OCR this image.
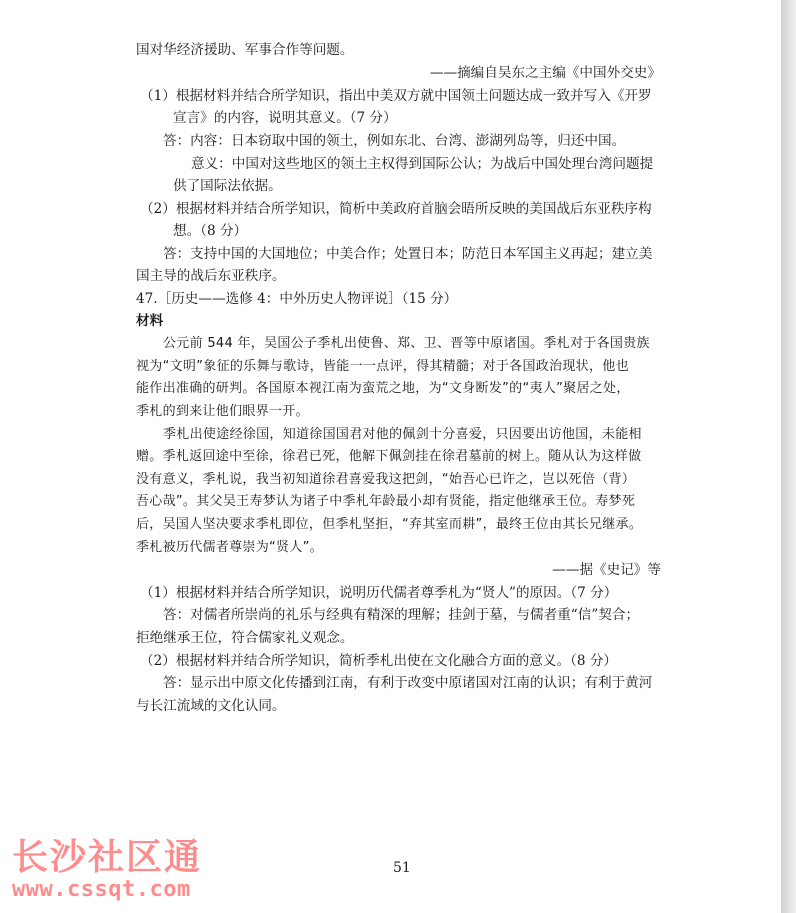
国对华经济援助、军事合作等问题。
——摘编自吴东之主编《中国外交史》
（1）根据材料并结合所学知识，指出中美双方就中国领土问题达成一致并写入《开罗
宣言》的内容，说明其意义。（7 分）
答：内容：日本窃取中国的领土，例如东北、台湾、澎湖列岛等，归还中国。
意义：中国对这些地区的领土主权得到国际公认；为战后中国处理台湾问题提
供了国际法依据。
（2）根据材料并结合所学知识，简析中美政府首脑会晤所反映的美国战后东亚秩序构
想。（8 分）
答：支持中国的大国地位；中美合作；处置日本；防范日本军国主义再起；建立美
国主导的战后东亚秩序。
47.［历史——选修 4：中外历史人物评说］（15 分）
材料
公元前 544 年，吴国公子季札出使鲁、郑、卫、晋等中原诸国。季札对于各国贵族
视为“文明”象征的乐舞与歌诗，皆能一一点评，得其精髓；对于各国政治现状，他也
能作出准确的研判。各国原本视江南为蛮荒之地，为“文身断发”的“夷人”聚居之处，
季札的到来让他们眼界一开。
季札出使途经徐国，知道徐国国君对他的佩剑十分喜爱，只因要出访他国，未能相
赠。季札返回途中至徐，徐君已死，他解下佩剑挂在徐君墓前的树上。随从认为这样做
没有意义，季札说，我当初知道徐君喜爱我这把剑，“始吾心已许之，岂以死倍（背）
吾心哉”。其父吴王寿梦认为诸子中季札年龄最小却有贤能，指定他继承王位。寿梦死
后，吴国人坚决要求季札即位，但季札坚拒，“弃其室而耕”，最终王位由其长兄继承。
季札被历代儒者尊崇为“贤人”。
——据《史记》等
（1）根据材料并结合所学知识，说明历代儒者尊季札为“贤人”的原因。（7 分）
答：对儒者所崇尚的礼乐与经典有精深的理解；挂剑于墓，与儒者重“信”契合；
拒绝继承王位，符合儒家礼义观念。
（2）根据材料并结合所学知识，简析季札出使在文化融合方面的意义。（8 分）
答：显示出中原文化传播到江南，有利于改变中原诸国对江南的认识；有利于黄河
与长江流域的文化认同。
51
长沙社区通
www.cssqt.com
